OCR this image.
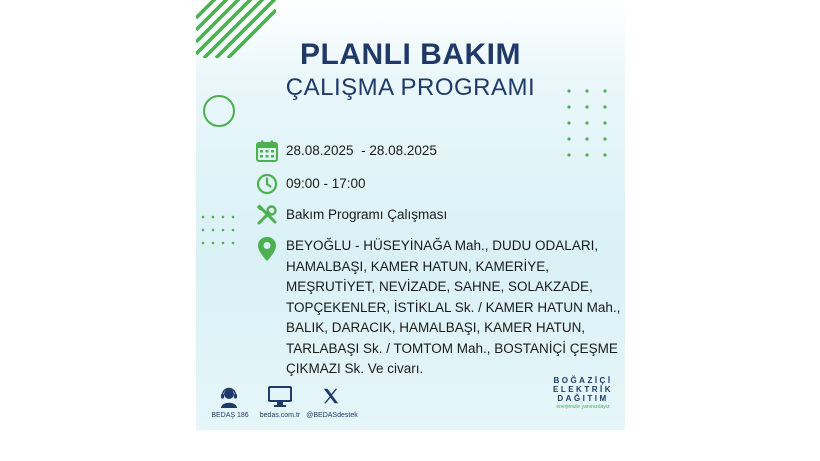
PLANLI BAKIM
ÇALIŞMA PROGRAMI
28.08.2025  - 28.08.2025
09:00 - 17:00
Bakım Programı Çalışması
BEYOĞLU - HÜSEYİNAĞA Mah., DUDU ODALARI,
HAMALBAŞI, KAMER HATUN, KAMERİYE,
MEŞRUTİYET, NEVİZADE, SAHNE, SOLAKZADE,
TOPÇEKENLER, İSTİKLAL Sk. / KAMER HATUN Mah.,
BALIK, DARACIK, HAMALBAŞI, KAMER HATUN,
TARLABAŞI Sk. / TOMTOM Mah., BOSTANİÇİ ÇEŞME
ÇIKMAZI Sk. Ve civarı.
BEDAŞ 186	bedas.com.tr @BEDASdestek
BOĞAZİÇİ
ELEKTRİK
DAĞITIM
enerjimizle yanınızdayız
